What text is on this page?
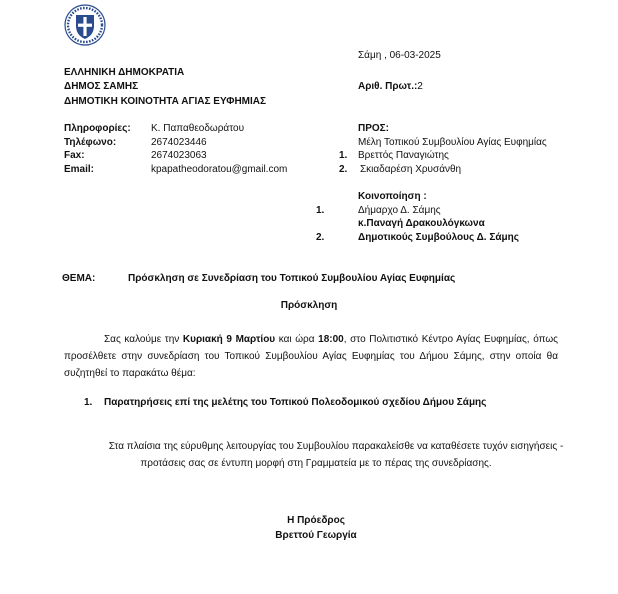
ΕΛΛΗΝΙΚΗ ΔΗΜΟΚΡΑΤΙΑ
ΔΗΜΟΣ ΣΑΜΗΣ
ΔΗΜΟΤΙΚΗ ΚΟΙΝΟΤΗΤΑ ΑΓΙΑΣ ΕΥΦΗΜΙΑΣ
Σάμη , 06-03-2025
Αριθ. Πρωτ.:2
Πληροφορίες: Κ. Παπαθεοδωράτου
Τηλέφωνο:	2674023446
Fax:	2674023063
Email:	kpapatheodoratou@gmail.com
ΠΡΟΣ:
Μέλη Τοπικού Συμβουλίου Αγίας Ευφημίας
1. Βρεττός Παναγιώτης
2. Σκιαδαρέση Χρυσάνθη
Κοινοποίηση :
1.	Δήμαρχο Δ. Σάμης
κ.Παναγή Δρακουλόγκωνα
2.	Δημοτικούς Συμβούλους Δ. Σάμης
ΘΕΜΑ:	Πρόσκληση σε Συνεδρίαση του Τοπικού Συμβουλίου Αγίας Ευφημίας
Πρόσκληση
Σας καλούμε την Κυριακή 9 Μαρτίου και ώρα 18:00, στο Πολιτιστικό Κέντρο Αγίας Ευφημίας, όπως προσέλθετε στην συνεδρίαση του Τοπικού Συμβουλίου Αγίας Ευφημίας του Δήμου Σάμης, στην οποία θα συζητηθεί το παρακάτω θέμα:
1. Παρατηρήσεις επί της μελέτης του Τοπικού Πολεοδομικού σχεδίου Δήμου Σάμης
Στα πλαίσια της εύρυθμης λειτουργίας του Συμβουλίου παρακαλείσθε να καταθέσετε τυχόν εισηγήσεις -
προτάσεις σας σε έντυπη μορφή στη Γραμματεία με το πέρας της συνεδρίασης.
Η Πρόεδρος
Βρεττού Γεωργία
